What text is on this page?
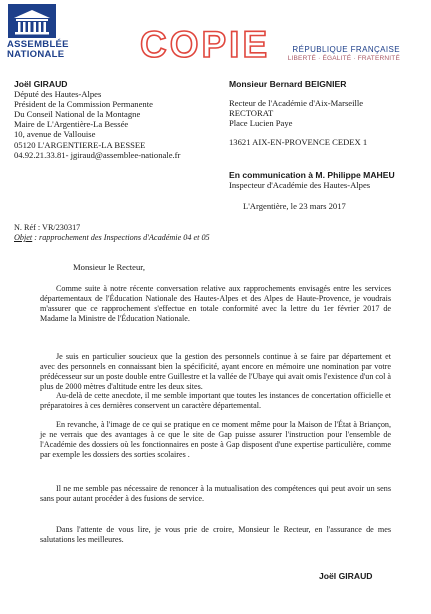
ASSEMBLÉE NATIONALE COPIE	RÉPUBLIQUE FRANÇAISE
LIBERTÉ · ÉGALITÉ · FRATERNITÉ
Joël GIRAUD
Député des Hautes-Alpes
Président de la Commission Permanente
Du Conseil National de la Montagne
Maire de L'Argentière-La Bessée
10, avenue de Vallouise
05120 L'ARGENTIERE-LA BESSEE
04.92.21.33.81- jgiraud@assemblee-nationale.fr
Monsieur Bernard BEIGNIER
Recteur de l'Académie d'Aix-Marseille
RECTORAT
Place Lucien Paye
13621 AIX-EN-PROVENCE CEDEX 1
En communication à M. Philippe MAHEU
Inspecteur d'Académie des Hautes-Alpes
L'Argentière, le 23 mars 2017
N. Réf : VR/230317
Objet : rapprochement des Inspections d'Académie 04 et 05
Monsieur le Recteur,

Comme suite à notre récente conversation relative aux rapprochements envisagés entre les services départementaux de l'Éducation Nationale des Hautes-Alpes et des Alpes de Haute-Provence, je voudrais m'assurer que ce rapprochement s'effectue en totale conformité avec la lettre du 1er février 2017 de Madame la Ministre de l'Éducation Nationale.

Je suis en particulier soucieux que la gestion des personnels continue à se faire par département et avec des personnels en connaissant bien la spécificité, ayant encore en mémoire une nomination par votre prédécesseur sur un poste double entre Guillestre et la vallée de l'Ubaye qui avait omis l'existence d'un col à plus de 2000 mètres d'altitude entre les deux sites.

Au-delà de cette anecdote, il me semble important que toutes les instances de concertation officielle et préparatoires à ces dernières conservent un caractère départemental.

En revanche, à l'image de ce qui se pratique en ce moment même pour la Maison de l'État à Briançon, je ne verrais que des avantages à ce que le site de Gap puisse assurer l'instruction pour l'ensemble de l'Académie des dossiers où les fonctionnaires en poste à Gap disposent d'une expertise particulière, comme par exemple les dossiers des sorties scolaires .

Il ne me semble pas nécessaire de renoncer à la mutualisation des compétences qui peut avoir un sens sans pour autant procéder à des fusions de service.

Dans l'attente de vous lire, je vous prie de croire, Monsieur le Recteur, en l'assurance de mes salutations les meilleures.

Joël GIRAUD
